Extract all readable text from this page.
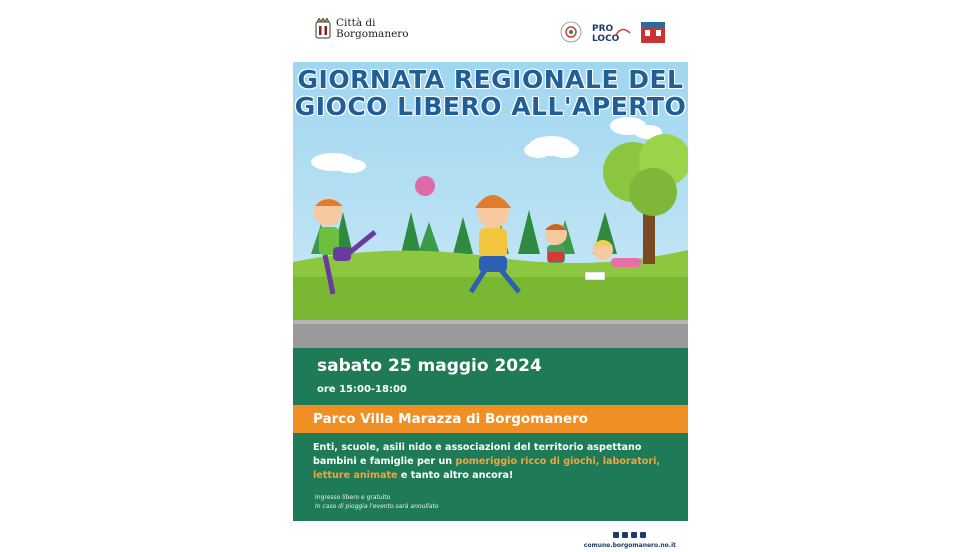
Città di
Borgomanero	PRO
LOCO
GIORNATA REGIONALE DEL
GIOCO LIBERO ALL'APERTO
sabato 25 maggio 2024
ore 15:00-18:00
Parco Villa Marazza di Borgomanero
Enti, scuole, asili nido e associazioni del territorio aspettano bambini e famiglie per un pomeriggio ricco di giochi, laboratori, letture animate e tanto altro ancora!
Ingresso libero e gratuito
In caso di pioggia l'evento sarà annullato
comune.borgomanero.no.it
